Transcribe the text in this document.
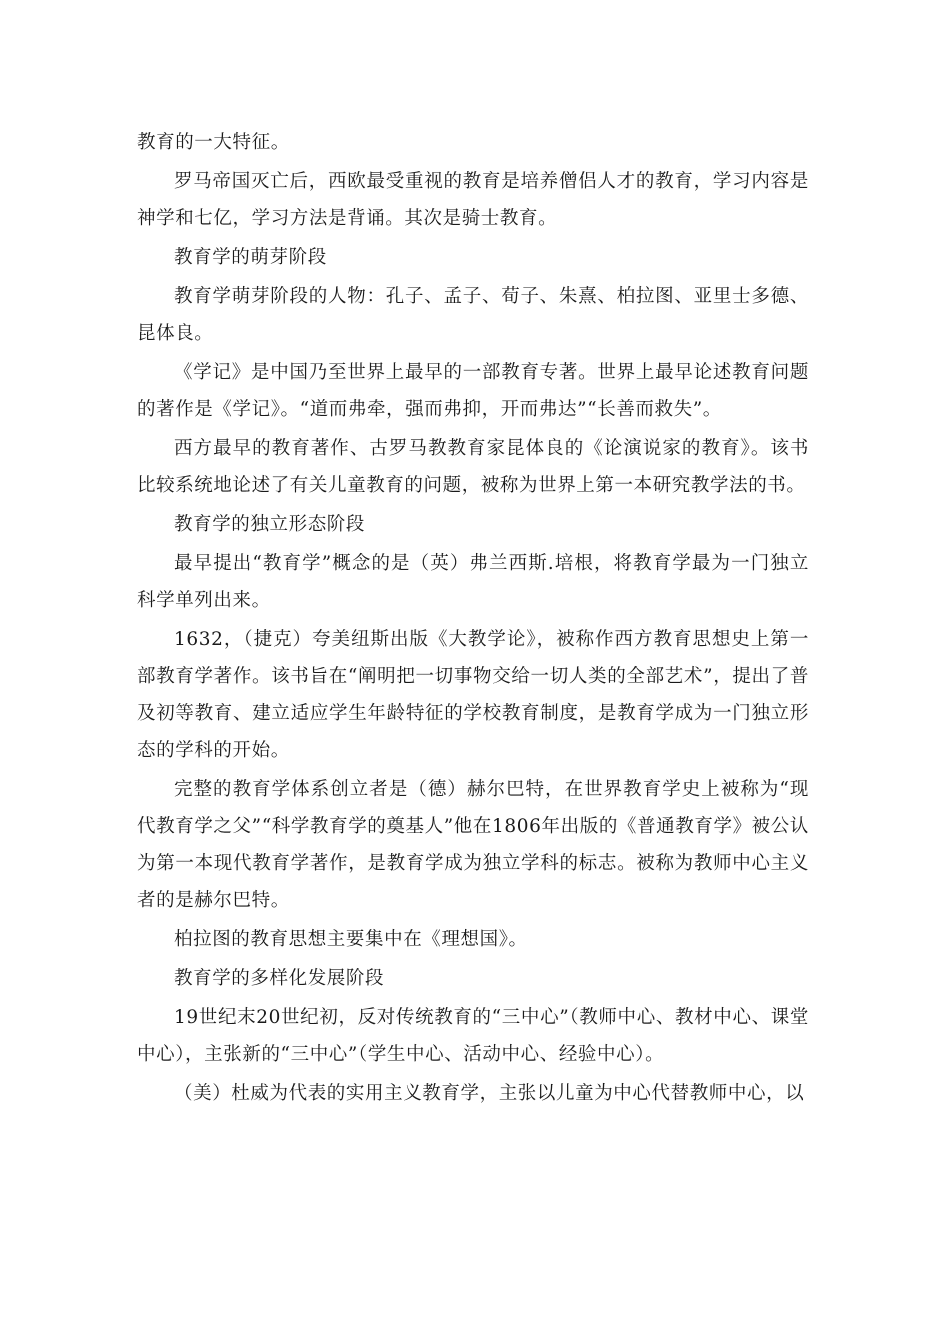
教育的一大特征。

罗马帝国灭亡后，西欧最受重视的教育是培养僧侣人才的教育，学习内容是神学和七亿，学习方法是背诵。其次是骑士教育。

教育学的萌芽阶段

教育学萌芽阶段的人物：孔子、孟子、荀子、朱熹、柏拉图、亚里士多德、昆体良。

《学记》是中国乃至世界上最早的一部教育专著。世界上最早论述教育问题的著作是《学记》。“道而弗牵，强而弗抑，开而弗达”“长善而救失”。

西方最早的教育著作、古罗马教教育家昆体良的《论演说家的教育》。该书比较系统地论述了有关儿童教育的问题，被称为世界上第一本研究教学法的书。

教育学的独立形态阶段

最早提出“教育学”概念的是（英）弗兰西斯.培根，将教育学最为一门独立科学单列出来。

1632，（捷克）夸美纽斯出版《大教学论》，被称作西方教育思想史上第一部教育学著作。该书旨在“阐明把一切事物交给一切人类的全部艺术”，提出了普及初等教育、建立适应学生年龄特征的学校教育制度，是教育学成为一门独立形态的学科的开始。

完整的教育学体系创立者是（德）赫尔巴特，在世界教育学史上被称为“现代教育学之父”“科学教育学的奠基人”他在1806年出版的《普通教育学》被公认为第一本现代教育学著作，是教育学成为独立学科的标志。被称为教师中心主义者的是赫尔巴特。

柏拉图的教育思想主要集中在《理想国》。

教育学的多样化发展阶段

19世纪末20世纪初，反对传统教育的“三中心”（教师中心、教材中心、课堂中心），主张新的“三中心”（学生中心、活动中心、经验中心）。

（美）杜威为代表的实用主义教育学，主张以儿童为中心代替教师中心，以
